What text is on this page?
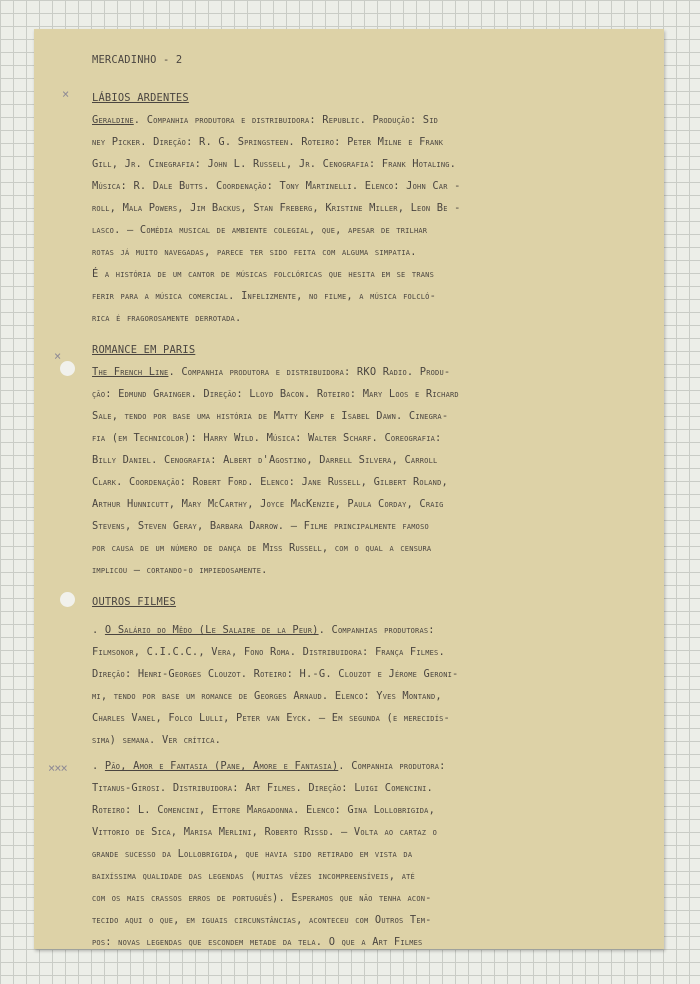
×
×
×××
MERCADINHO - 2
LÁBIOS ARDENTES
Geraldine. Companhia produtora e distribuidora: Republic. Produção: Sid
ney Picker. Direção: R. G. Springsteen. Roteiro: Peter Milne e Frank
Gill, Jr. Cinegrafia: John L. Russell, Jr. Cenografia: Frank Hotaling.
Música: R. Dale Butts. Coordenação: Tony Martinelli. Elenco: John Car -
roll, Mala Powers, Jim Backus, Stan Freberg, Kristine Miller, Leon Be -
lasco. — Comédia musical de ambiente colegial, que, apesar de trilhar
rotas já muito navegadas, parece ter sido feita com alguma simpatia.
É a história de um cantor de músicas folclóricas que hesita em se trans
ferir para a música comercial. Infelizmente, no filme, a música folcló-
rica é fragorosamente derrotada.
ROMANCE EM PARIS
The French Line. Companhia produtora e distribuidora: RKO Radio. Produ-
ção: Edmund Grainger. Direção: Lloyd Bacon. Roteiro: Mary Loos e Richard
Sale, tendo por base uma história de Matty Kemp e Isabel Dawn. Cinegra-
fia (em Technicolor): Harry Wild. Música: Walter Scharf. Coreografia:
Billy Daniel. Cenografia: Albert d'Agostino, Darrell Silvera, Carroll
Clark. Coordenação: Robert Ford. Elenco: Jane Russell, Gilbert Roland,
Arthur Hunnicutt, Mary McCarthy, Joyce MacKenzie, Paula Corday, Craig
Stevens, Steven Geray, Barbara Darrow. — Filme principalmente famoso
por causa de um número de dança de Miss Russell, com o qual a censura
implicou — cortando-o impiedosamente.
OUTROS FILMES
. O Salário do Mêdo (Le Salaire de la Peur). Companhias produtoras:
Filmsonor, C.I.C.C., Vera, Fono Roma. Distribuidora: França Filmes.
Direção: Henri-Georges Clouzot. Roteiro: H.-G. Clouzot e Jérome Geroni-
mi, tendo por base um romance de Georges Arnaud. Elenco: Yves Montand,
Charles Vanel, Folco Lulli, Peter van Eyck. — Em segunda (e merecidís-
sima) semana. Ver crítica.
. Pão, Amor e Fantasia (Pane, Amore e Fantasia). Companhia produtora:
Titanus-Girosi. Distribuidora: Art Filmes. Direção: Luigi Comencini.
Roteiro: L. Comencini, Ettore Margadonna. Elenco: Gina Lollobrigida,
Vittorio de Sica, Marisa Merlini, Roberto Rissd. — Volta ao cartaz o
grande sucesso da Lollobrigida, que havia sido retirado em vista da
baixíssima qualidade das legendas (muitas vêzes incompreensíveis, até
com os mais crassos erros de português). Esperamos que não tenha acon-
tecido aqui o que, em iguais circunstâncias, aconteceu com Outros Tem-
pos: novas legendas que escondem metade da tela. O que a Art Filmes
